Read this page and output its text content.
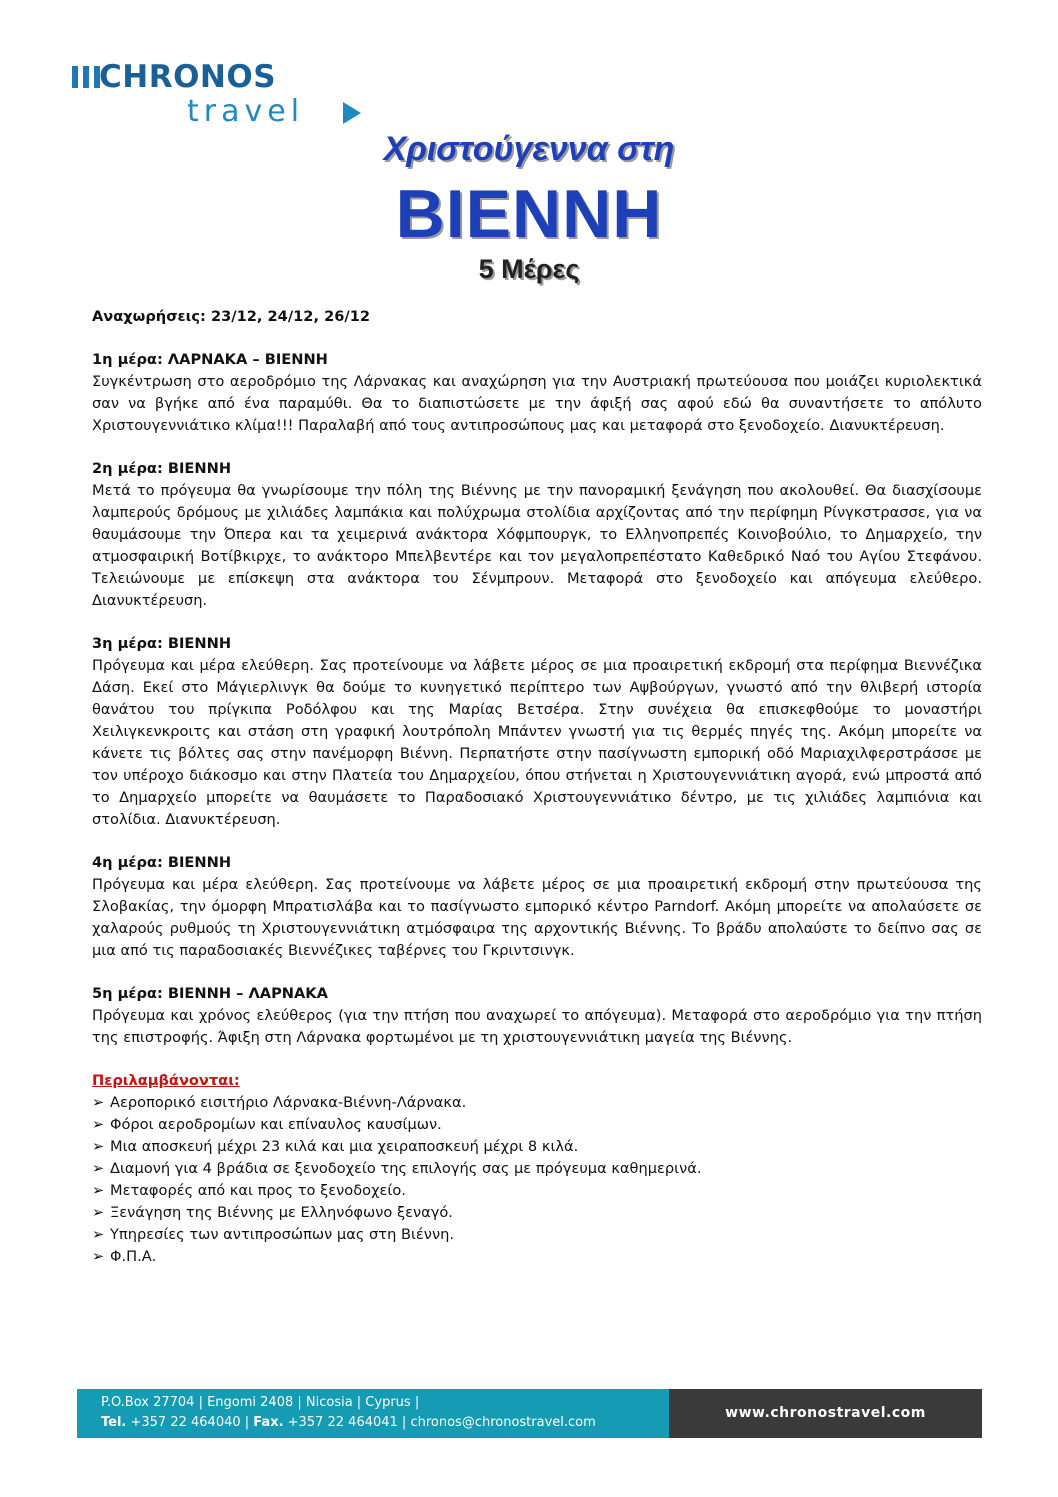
CHRONOS
travel
Χριστούγεννα στη
ΒΙΕΝΝΗ
5 Μέρες
Αναχωρήσεις: 23/12, 24/12, 26/12
1η μέρα: ΛΑΡΝΑΚΑ – ΒΙΕΝΝΗ
Συγκέντρωση στο αεροδρόμιο της Λάρνακας και αναχώρηση για την Αυστριακή πρωτεύουσα που μοιάζει κυριολεκτικά σαν να βγήκε από ένα παραμύθι. Θα το διαπιστώσετε με την άφιξή σας αφού εδώ θα συναντήσετε το απόλυτο Χριστουγεννιάτικο κλίμα!!! Παραλαβή από τους αντιπροσώπους μας και μεταφορά στο ξενοδοχείο. Διανυκτέρευση.
2η μέρα: ΒΙΕΝΝΗ
Μετά το πρόγευμα θα γνωρίσουμε την πόλη της Βιέννης με την πανοραμική ξενάγηση που ακολουθεί. Θα διασχίσουμε λαμπερούς δρόμους με χιλιάδες λαμπάκια και πολύχρωμα στολίδια αρχίζοντας από την περίφημη Ρίνγκστρασσε, για να θαυμάσουμε την Όπερα και τα χειμερινά ανάκτορα Χόφμπουργκ, το Ελληνοπρεπές Κοινοβούλιο, το Δημαρχείο, την ατμοσφαιρική Βοτίβκιρχε, το ανάκτορο Μπελβεντέρε και τον μεγαλοπρεπέστατο Καθεδρικό Ναό του Αγίου Στεφάνου. Τελειώνουμε με επίσκεψη στα ανάκτορα του Σένμπρουν. Μεταφορά στο ξενοδοχείο και απόγευμα ελεύθερο. Διανυκτέρευση.
3η μέρα: ΒΙΕΝΝΗ
Πρόγευμα και μέρα ελεύθερη. Σας προτείνουμε να λάβετε μέρος σε μια προαιρετική εκδρομή στα περίφημα Βιεννέζικα Δάση. Εκεί στο Μάγιερλινγκ θα δούμε το κυνηγετικό περίπτερο των Αψβούργων, γνωστό από την θλιβερή ιστορία θανάτου του πρίγκιπα Ροδόλφου και της Μαρίας Βετσέρα. Στην συνέχεια θα επισκεφθούμε το μοναστήρι Χειλιγκενκροιτς και στάση στη γραφική λουτρόπολη Μπάντεν γνωστή για τις θερμές πηγές της. Ακόμη μπορείτε να κάνετε τις βόλτες σας στην πανέμορφη Βιέννη. Περπατήστε στην πασίγνωστη εμπορική οδό Μαριαχιλφερστράσσε με τον υπέροχο διάκοσμο και στην Πλατεία του Δημαρχείου, όπου στήνεται η Χριστουγεννιάτικη αγορά, ενώ μπροστά από το Δημαρχείο μπορείτε να θαυμάσετε το Παραδοσιακό Χριστουγεννιάτικο δέντρο, με τις χιλιάδες λαμπιόνια και στολίδια. Διανυκτέρευση.
4η μέρα: ΒΙΕΝΝΗ
Πρόγευμα και μέρα ελεύθερη. Σας προτείνουμε να λάβετε μέρος σε μια προαιρετική εκδρομή στην πρωτεύουσα της Σλοβακίας, την όμορφη Μπρατισλάβα και το πασίγνωστο εμπορικό κέντρο Parndorf. Ακόμη μπορείτε να απολαύσετε σε χαλαρούς ρυθμούς τη Χριστουγεννιάτικη ατμόσφαιρα της αρχοντικής Βιέννης. Το βράδυ απολαύστε το δείπνο σας σε μια από τις παραδοσιακές Βιεννέζικες ταβέρνες του Γκριντσινγκ.
5η μέρα: ΒΙΕΝΝΗ – ΛΑΡΝΑΚΑ
Πρόγευμα και χρόνος ελεύθερος (για την πτήση που αναχωρεί το απόγευμα). Μεταφορά στο αεροδρόμιο για την πτήση της επιστροφής. Άφιξη στη Λάρνακα φορτωμένοι με τη χριστουγεννιάτικη μαγεία της Βιέννης.
Περιλαμβάνονται:
➢ Αεροπορικό εισιτήριο Λάρνακα-Βιέννη-Λάρνακα.
➢ Φόροι αεροδρομίων και επίναυλος καυσίμων.
➢ Μια αποσκευή μέχρι 23 κιλά και μια χειραποσκευή μέχρι 8 κιλά.
➢ Διαμονή για 4 βράδια σε ξενοδοχείο της επιλογής σας με πρόγευμα καθημερινά.
➢ Μεταφορές από και προς το ξενοδοχείο.
➢ Ξενάγηση της Βιέννης με Ελληνόφωνο ξεναγό.
➢ Υπηρεσίες των αντιπροσώπων μας στη Βιέννη.
➢ Φ.Π.Α.
P.O.Box 27704 | Engomi 2408 | Nicosia | Cyprus |
Tel. +357 22 464040 | Fax. +357 22 464041 | chronos@chronostravel.com
www.chronostravel.com
